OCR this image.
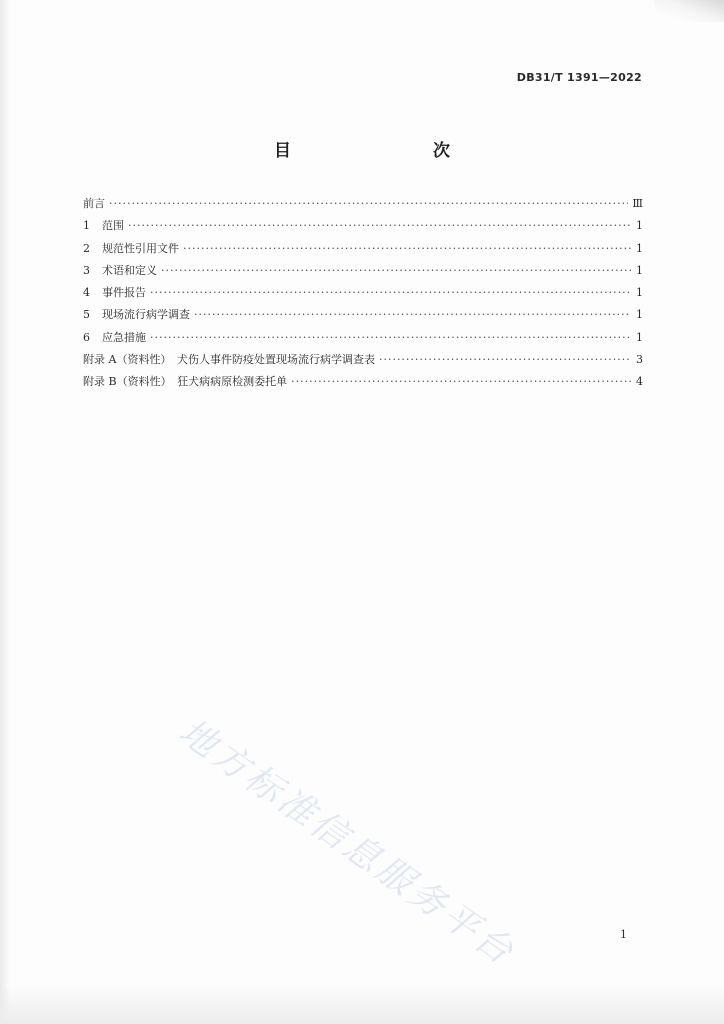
DB31/T 1391—2022
目　　次
前言 ·····	Ⅲ
1 范围 ·····	1
2 规范性引用文件 ·····	1
3 术语和定义 ·····	1
4 事件报告 ·····	1
5 现场流行病学调查 ·····	1
6 应急措施 ·····	1
附录 A（资料性）　犬伤人事件防疫处置现场流行病学调查表 ·····	3
附录 B（资料性）　狂犬病病原检测委托单 ·····	4
地方标准信息服务平台	1
